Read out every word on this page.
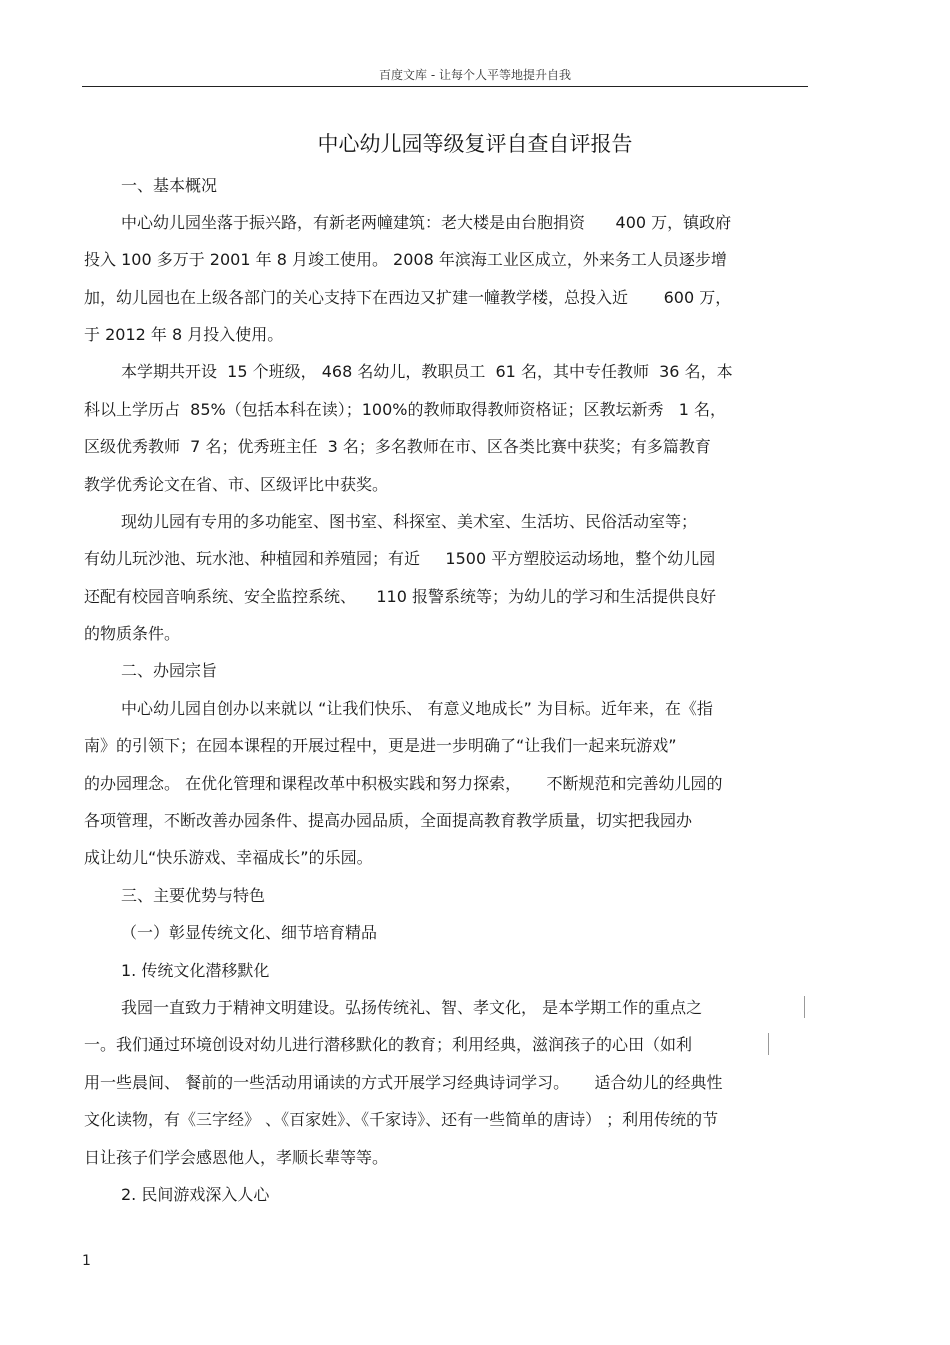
百度文库 - 让每个人平等地提升自我
中心幼儿园等级复评自查自评报告
一、基本概况
中心幼儿园坐落于振兴路，有新老两幢建筑：老大楼是由台胞捐资      400 万，镇政府
投入 100 多万于 2001 年 8 月竣工使用。 2008 年滨海工业区成立，外来务工人员逐步增
加，幼儿园也在上级各部门的关心支持下在西边又扩建一幢教学楼，总投入近       600 万，
于 2012 年 8 月投入使用。
本学期共开设  15 个班级， 468 名幼儿，教职员工  61 名，其中专任教师  36 名，本
科以上学历占  85%（包括本科在读）；100%的教师取得教师资格证；区教坛新秀   1 名，
区级优秀教师  7 名；优秀班主任  3 名；多名教师在市、区各类比赛中获奖；有多篇教育
教学优秀论文在省、市、区级评比中获奖。
现幼儿园有专用的多功能室、图书室、科探室、美术室、生活坊、民俗活动室等；
有幼儿玩沙池、玩水池、种植园和养殖园；有近     1500 平方塑胶运动场地，整个幼儿园
还配有校园音响系统、安全监控系统、    110 报警系统等；为幼儿的学习和生活提供良好
的物质条件。
二、办园宗旨
中心幼儿园自创办以来就以 “让我们快乐、 有意义地成长” 为目标。近年来，在《指
南》的引领下；在园本课程的开展过程中，更是进一步明确了“让我们一起来玩游戏”
的办园理念。 在优化管理和课程改革中积极实践和努力探索，     不断规范和完善幼儿园的
各项管理，不断改善办园条件、提高办园品质，全面提高教育教学质量，切实把我园办
成让幼儿“快乐游戏、幸福成长”的乐园。
三、主要优势与特色
（一）彰显传统文化、细节培育精品
1. 传统文化潜移默化
我园一直致力于精神文明建设。弘扬传统礼、智、孝文化， 是本学期工作的重点之
一。我们通过环境创设对幼儿进行潜移默化的教育；利用经典，滋润孩子的心田（如利
用一些晨间、 餐前的一些活动用诵读的方式开展学习经典诗词学习。     适合幼儿的经典性
文化读物，有《三字经》 、《百家姓》、《千家诗》、还有一些简单的唐诗） ；利用传统的节
日让孩子们学会感恩他人，孝顺长辈等等。
2. 民间游戏深入人心
1
